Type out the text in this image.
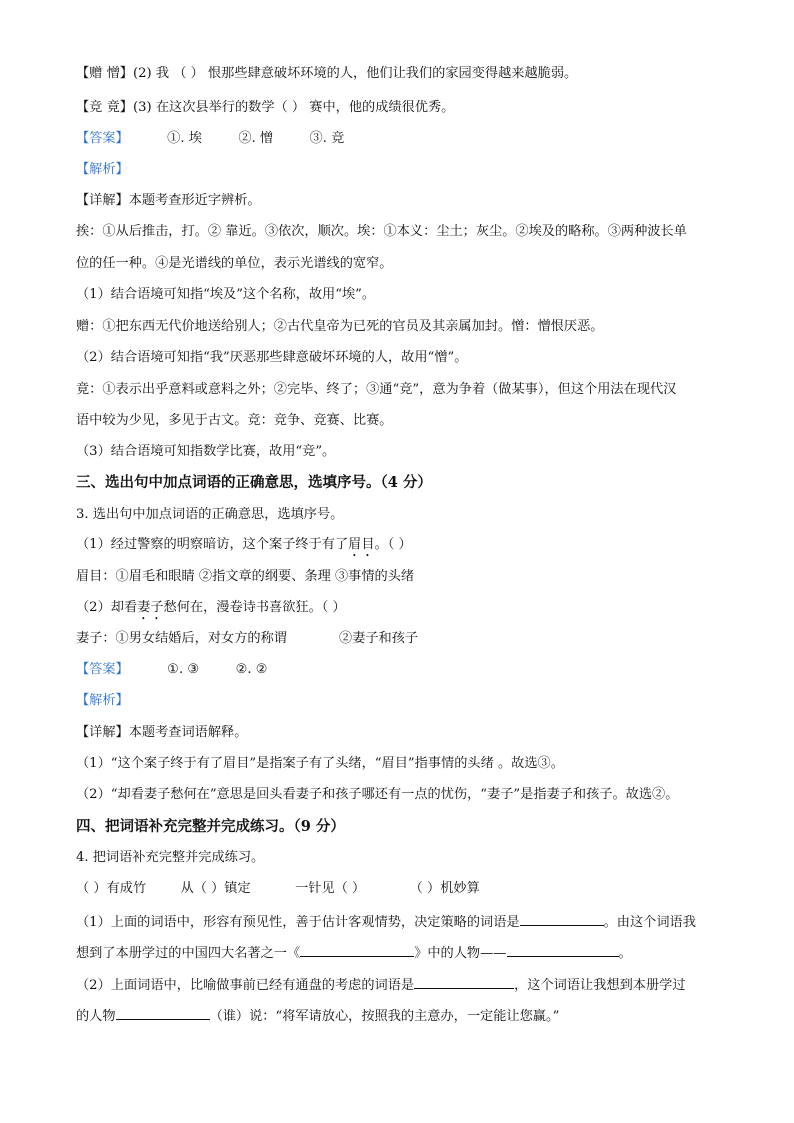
【赠 憎】(2) 我 （ ） 恨那些肆意破坏环境的人，他们让我们的家园变得越来越脆弱。
【竞 竟】(3) 在这次县举行的数学（ ） 赛中，他的成绩很优秀。
【答案】	①. 埃	②. 憎	③. 竞
【解析】
【详解】本题考查形近字辨析。
挨：①从后推击，打。② 靠近。③依次，顺次。埃：①本义：尘土；灰尘。②埃及的略称。③两种波长单
位的任一种。④是光谱线的单位，表示光谱线的宽窄。
（1）结合语境可知指“埃及”这个名称，故用“埃”。
赠：①把东西无代价地送给别人；②古代皇帝为已死的官员及其亲属加封。憎：憎恨厌恶。
（2）结合语境可知指“我”厌恶那些肆意破坏环境的人，故用“憎”。
竟：①表示出乎意料或意料之外；②完毕、终了；③通“竞”，意为争着（做某事），但这个用法在现代汉
语中较为少见，多见于古文。竞：竞争、竞赛、比赛。
（3）结合语境可知指数学比赛，故用“竞”。
三、选出句中加点词语的正确意思，选填序号。（4 分）
3. 选出句中加点词语的正确意思，选填序号。
（1）经过警察的明察暗访，这个案子终于有了眉目。（ ）
眉目：①眉毛和眼睛 ②指文章的纲要、条理 ③事情的头绪
（2）却看妻子愁何在，漫卷诗书喜欲狂。（ ）
妻子：①男女结婚后，对女方的称谓	②妻子和孩子
【答案】	①. ③	②. ②
【解析】
【详解】本题考查词语解释。
（1）“这个案子终于有了眉目”是指案子有了头绪，“眉目”指事情的头绪 。故选③。
（2）“却看妻子愁何在”意思是回头看妻子和孩子哪还有一点的忧伤，“妻子”是指妻子和孩子。故选②。
四、把词语补充完整并完成练习。（9 分）
4. 把词语补充完整并完成练习。
（ ）有成竹	从（ ）镇定	一针见（ ）	（ ）机妙算
（1）上面的词语中，形容有预见性，善于估计客观情势，决定策略的词语是	。由这个词语我
想到了本册学过的中国四大名著之一《	》中的人物——	。
（2）上面词语中，比喻做事前已经有通盘的考虑的词语是	，这个词语让我想到本册学过
的人物	（谁）说：“将军请放心，按照我的主意办，一定能让您赢。”
